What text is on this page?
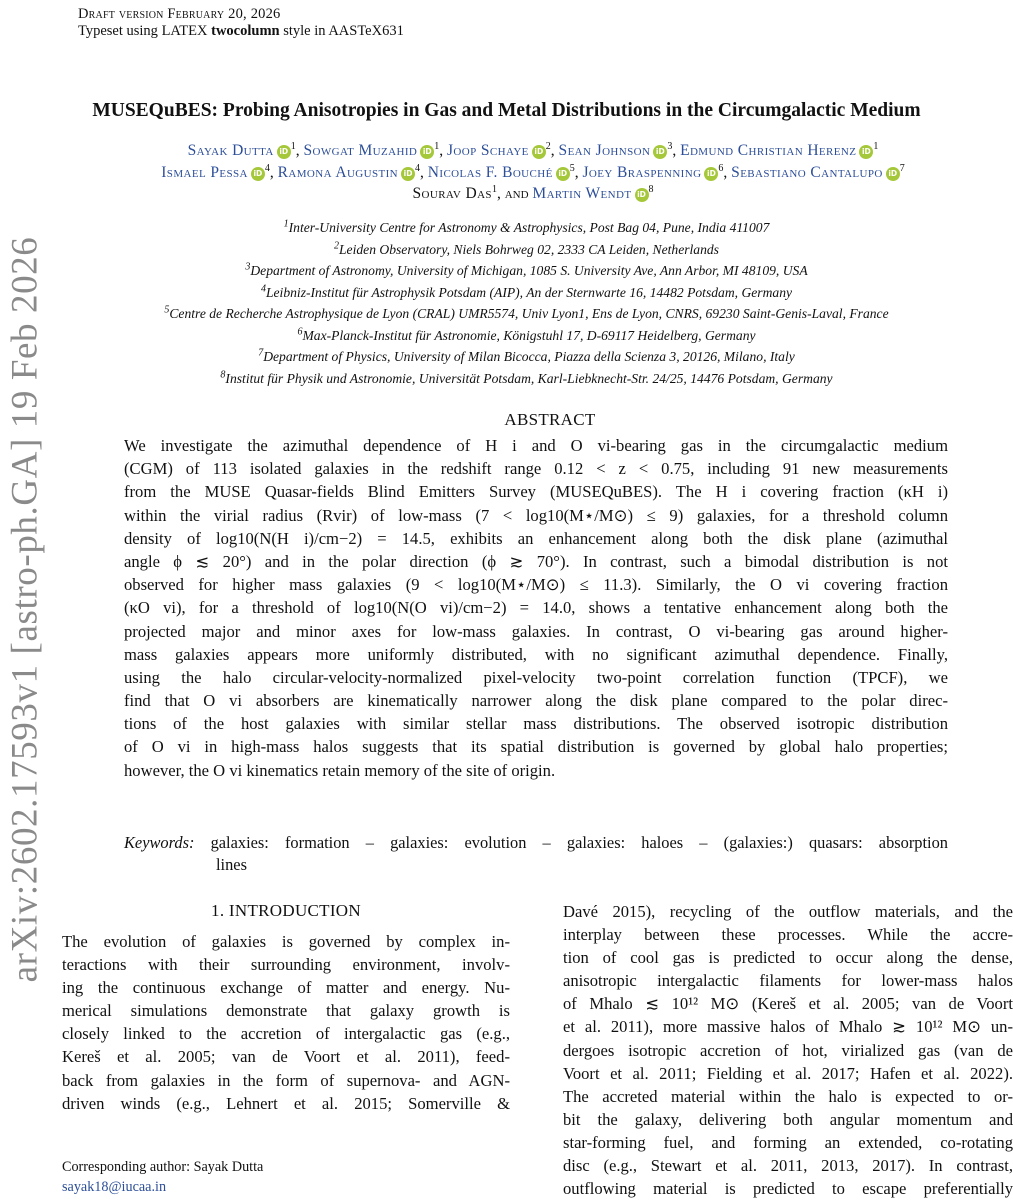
Draft version February 20, 2026
Typeset using LATEX twocolumn style in AASTeX631
arXiv:2602.17593v1 [astro-ph.GA] 19 Feb 2026
MUSEQuBES: Probing Anisotropies in Gas and Metal Distributions in the Circumgalactic Medium
Sayak Dutta iD $^1$, Sowgat Muzahid iD $^1$, Joop Schaye iD $^2$, Sean Johnson iD $^3$, Edmund Christian Herenz iD $^1$
Ismael Pessa iD $^4$, Ramona Augustin iD $^4$, Nicolas F. Bouché iD $^5$, Joey Braspenning iD $^6$, Sebastiano Cantalupo iD $^7$
Sourav Das$^1$, and Martin Wendt iD $^8$
$^1$Inter-University Centre for Astronomy & Astrophysics, Post Bag 04, Pune, India 411007
$^2$Leiden Observatory, Niels Bohrweg 02, 2333 CA Leiden, Netherlands
$^3$Department of Astronomy, University of Michigan, 1085 S. University Ave, Ann Arbor, MI 48109, USA
$^4$Leibniz-Institut für Astrophysik Potsdam (AIP), An der Sternwarte 16, 14482 Potsdam, Germany
$^5$Centre de Recherche Astrophysique de Lyon (CRAL) UMR5574, Univ Lyon1, Ens de Lyon, CNRS, 69230 Saint-Genis-Laval, France
$^6$Max-Planck-Institut für Astronomie, Königstuhl 17, D-69117 Heidelberg, Germany
$^7$Department of Physics, University of Milan Bicocca, Piazza della Scienza 3, 20126, Milano, Italy
$^8$Institut für Physik und Astronomie, Universität Potsdam, Karl-Liebknecht-Str. 24/25, 14476 Potsdam, Germany
ABSTRACT
We investigate the azimuthal dependence of H i and O vi-bearing gas in the circumgalactic medium
(CGM) of 113 isolated galaxies in the redshift range 0.12 < z < 0.75, including 91 new measurements
from the MUSE Quasar-fields Blind Emitters Survey (MUSEQuBES). The H i covering fraction (κH i)
within the virial radius (Rvir) of low-mass (7 < log10(M⋆/M⊙) ≤ 9) galaxies, for a threshold column
density of log10(N(H i)/cm−2) = 14.5, exhibits an enhancement along both the disk plane (azimuthal
angle ϕ ≲ 20°) and in the polar direction (ϕ ≳ 70°). In contrast, such a bimodal distribution is not
observed for higher mass galaxies (9 < log10(M⋆/M⊙) ≤ 11.3). Similarly, the O vi covering fraction
(κO vi), for a threshold of log10(N(O vi)/cm−2) = 14.0, shows a tentative enhancement along both the
projected major and minor axes for low-mass galaxies. In contrast, O vi-bearing gas around higher-
mass galaxies appears more uniformly distributed, with no significant azimuthal dependence. Finally,
using the halo circular-velocity-normalized pixel-velocity two-point correlation function (TPCF), we
find that O vi absorbers are kinematically narrower along the disk plane compared to the polar direc-
tions of the host galaxies with similar stellar mass distributions. The observed isotropic distribution
of O vi in high-mass halos suggests that its spatial distribution is governed by global halo properties;
however, the O vi kinematics retain memory of the site of origin.
Keywords: galaxies: formation – galaxies: evolution – galaxies: haloes – (galaxies:) quasars: absorption
lines
1. INTRODUCTION
The evolution of galaxies is governed by complex in-
teractions with their surrounding environment, involv-
ing the continuous exchange of matter and energy. Nu-
merical simulations demonstrate that galaxy growth is
closely linked to the accretion of intergalactic gas (e.g.,
Kereš et al. 2005; van de Voort et al. 2011), feed-
back from galaxies in the form of supernova- and AGN-
driven winds (e.g., Lehnert et al. 2015; Somerville &
Davé 2015), recycling of the outflow materials, and the
interplay between these processes. While the accre-
tion of cool gas is predicted to occur along the dense,
anisotropic intergalactic filaments for lower-mass halos
of Mhalo ≲ 10¹² M⊙ (Kereš et al. 2005; van de Voort
et al. 2011), more massive halos of Mhalo ≳ 10¹² M⊙ un-
dergoes isotropic accretion of hot, virialized gas (van de
Voort et al. 2011; Fielding et al. 2017; Hafen et al. 2022).
The accreted material within the halo is expected to or-
bit the galaxy, delivering both angular momentum and
star-forming fuel, and forming an extended, co-rotating
disc (e.g., Stewart et al. 2011, 2013, 2017). In contrast,
outflowing material is predicted to escape preferentially
Corresponding author: Sayak Dutta
sayak18@iucaa.in
